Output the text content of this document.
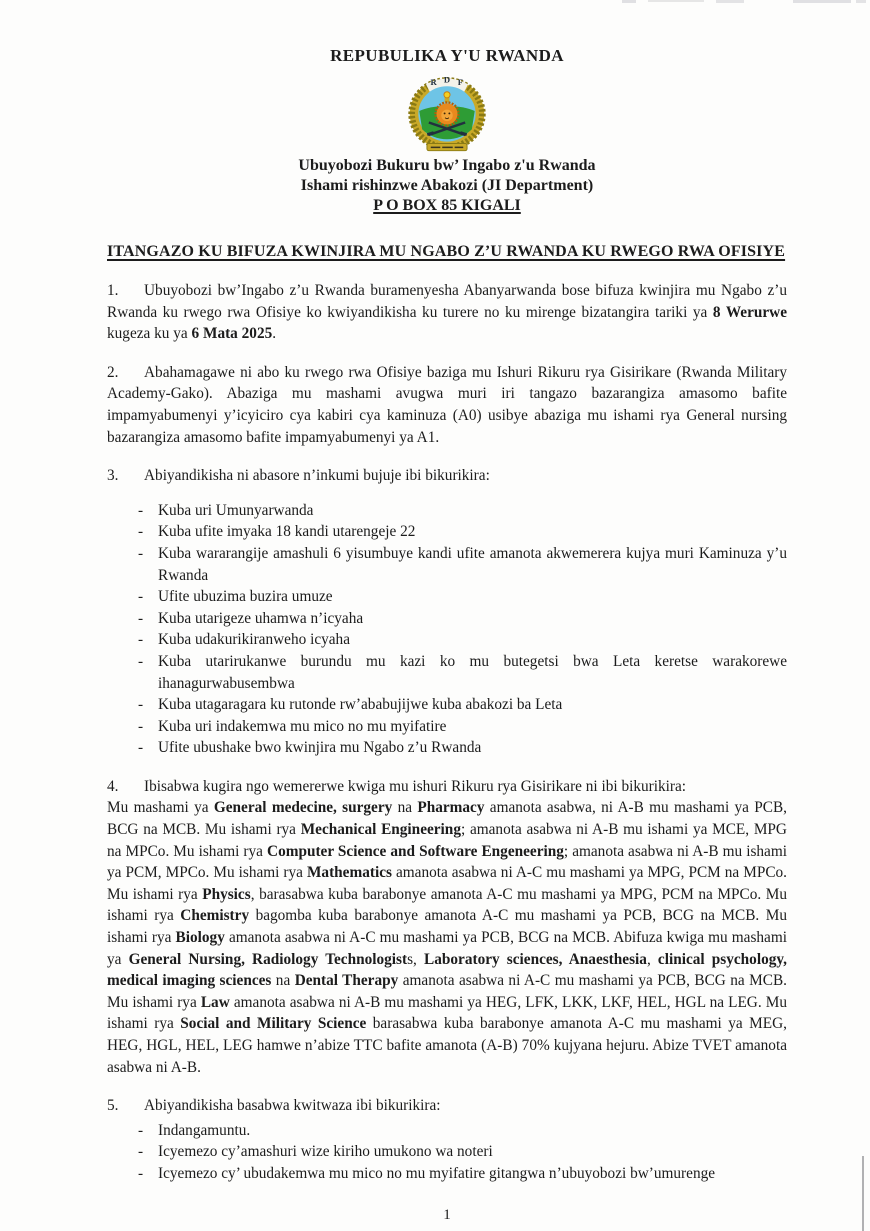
REPUBULIKA Y'U RWANDA
R D F
Ubuyobozi Bukuru bw’ Ingabo z'u Rwanda
Ishami rishinzwe Abakozi (JI Department)
P O BOX 85 KIGALI
ITANGAZO KU BIFUZA KWINJIRA MU NGABO Z’U RWANDA KU RWEGO RWA OFISIYE
1. Ubuyobozi bw’Ingabo z’u Rwanda buramenyesha Abanyarwanda bose bifuza kwinjira mu Ngabo z’u Rwanda ku rwego rwa Ofisiye ko kwiyandikisha ku turere no ku mirenge bizatangira tariki ya 8 Werurwe kugeza ku ya 6 Mata 2025.
2. Abahamagawe ni abo ku rwego rwa Ofisiye baziga mu Ishuri Rikuru rya Gisirikare (Rwanda Military Academy-Gako). Abaziga mu mashami avugwa muri iri tangazo bazarangiza amasomo bafite impamyabumenyi y’icyiciro cya kabiri cya kaminuza (A0) usibye abaziga mu ishami rya General nursing bazarangiza amasomo bafite impamyabumenyi ya A1.
3. Abiyandikisha ni abasore n’inkumi bujuje ibi bikurikira:
- Kuba uri Umunyarwanda
- Kuba ufite imyaka 18 kandi utarengeje 22
- Kuba wararangije amashuli 6 yisumbuye kandi ufite amanota akwemerera kujya muri Kaminuza y’u Rwanda
- Ufite ubuzima buzira umuze
- Kuba utarigeze uhamwa n’icyaha
- Kuba udakurikiranweho icyaha
- Kuba utarirukanwe burundu mu kazi ko mu butegetsi bwa Leta keretse warakorewe ihanagurwabusembwa
- Kuba utagaragara ku rutonde rw’ababujijwe kuba abakozi ba Leta
- Kuba uri indakemwa mu mico no mu myifatire
- Ufite ubushake bwo kwinjira mu Ngabo z’u Rwanda
4. Ibisabwa kugira ngo wemererwe kwiga mu ishuri Rikuru rya Gisirikare ni ibi bikurikira:
Mu mashami ya General medecine, surgery na Pharmacy amanota asabwa, ni A-B mu mashami ya PCB, BCG na MCB. Mu ishami rya Mechanical Engineering; amanota asabwa ni A-B mu ishami ya MCE, MPG na MPCo. Mu ishami rya Computer Science and Software Engeneering; amanota asabwa ni A-B mu ishami ya PCM, MPCo. Mu ishami rya Mathematics amanota asabwa ni A-C mu mashami ya MPG, PCM na MPCo. Mu ishami rya Physics, barasabwa kuba barabonye amanota A-C mu mashami ya MPG, PCM na MPCo. Mu ishami rya Chemistry bagomba kuba barabonye amanota A-C mu mashami ya PCB, BCG na MCB. Mu ishami rya Biology amanota asabwa ni A-C mu mashami ya PCB, BCG na MCB. Abifuza kwiga mu mashami ya General Nursing, Radiology Technologists, Laboratory sciences, Anaesthesia, clinical psychology, medical imaging sciences na Dental Therapy amanota asabwa ni A-C mu mashami ya PCB, BCG na MCB. Mu ishami rya Law amanota asabwa ni A-B mu mashami ya HEG, LFK, LKK, LKF, HEL, HGL na LEG. Mu ishami rya Social and Military Science barasabwa kuba barabonye amanota A-C mu mashami ya MEG, HEG, HGL, HEL, LEG hamwe n’abize TTC bafite amanota (A-B) 70% kujyana hejuru. Abize TVET amanota asabwa ni A-B.
5. Abiyandikisha basabwa kwitwaza ibi bikurikira:
- Indangamuntu.
- Icyemezo cy’amashuri wize kiriho umukono wa noteri
- Icyemezo cy’ ubudakemwa mu mico no mu myifatire gitangwa n’ubuyobozi bw’umurenge
1
